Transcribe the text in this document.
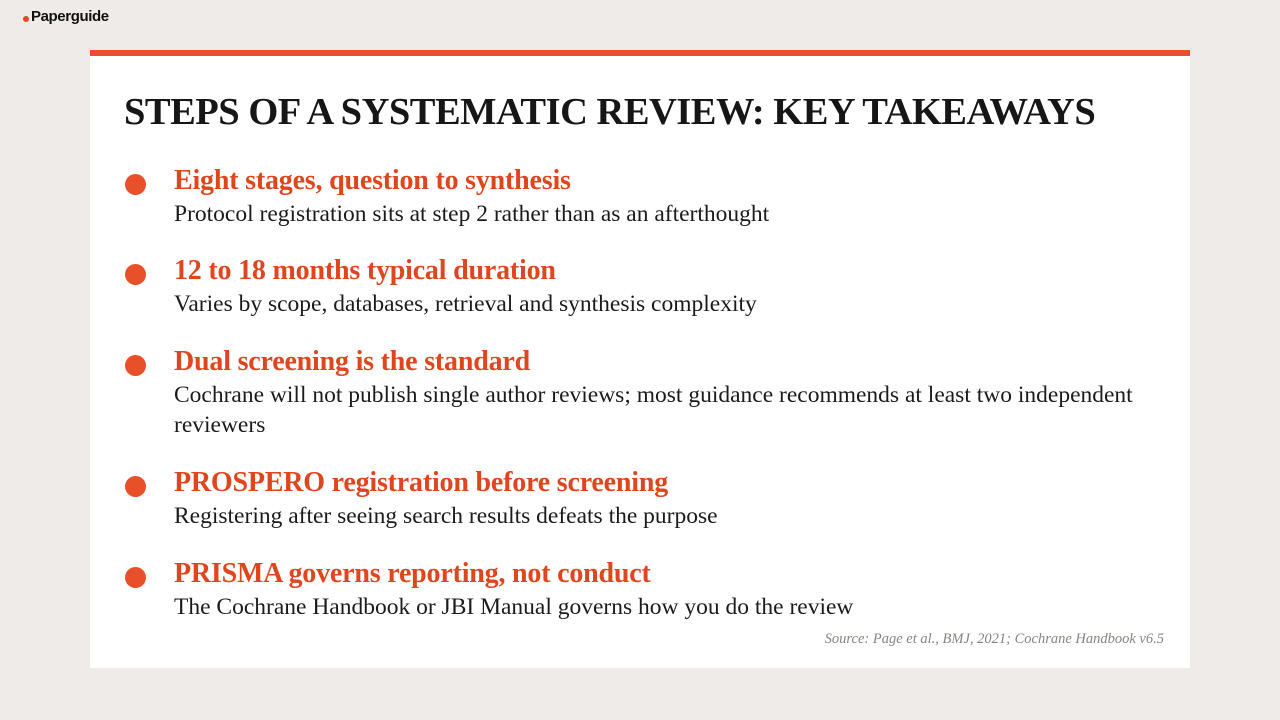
Paperguide
STEPS OF A SYSTEMATIC REVIEW: KEY TAKEAWAYS
Eight stages, question to synthesis
Protocol registration sits at step 2 rather than as an afterthought
12 to 18 months typical duration
Varies by scope, databases, retrieval and synthesis complexity
Dual screening is the standard
Cochrane will not publish single author reviews; most guidance recommends at least two independent reviewers
PROSPERO registration before screening
Registering after seeing search results defeats the purpose
PRISMA governs reporting, not conduct
The Cochrane Handbook or JBI Manual governs how you do the review
Source: Page et al., BMJ, 2021; Cochrane Handbook v6.5
